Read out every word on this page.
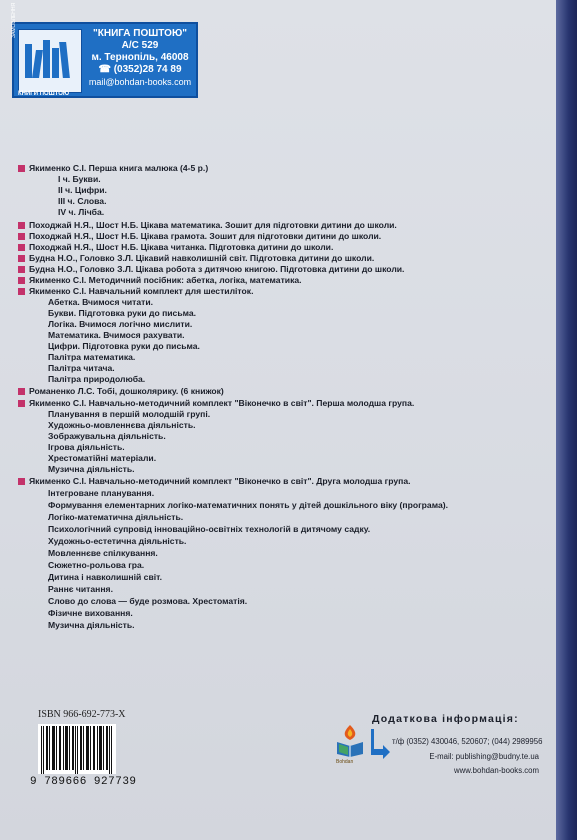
ЗАМОВЛЕННЯ
КНИГИ ПОШТОЮ
"КНИГА ПОШТОЮ"
А/С 529
м. Тернопіль, 46008
☎ (0352)28 74 89
mail@bohdan-books.com
Якименко С.І. Перша книга малюка (4-5 р.)
І ч. Букви.
ІІ ч. Цифри.
ІІІ ч. Слова.
IV ч. Лічба.
Походжай Н.Я., Шост Н.Б. Цікава математика. Зошит для підготовки дитини до школи.
Походжай Н.Я., Шост Н.Б. Цікава грамота. Зошит для підготовки дитини до школи.
Походжай Н.Я., Шост Н.Б. Цікава читанка. Підготовка дитини до школи.
Будна Н.О., Головко З.Л. Цікавий навколишній світ. Підготовка дитини до школи.
Будна Н.О., Головко З.Л. Цікава робота з дитячою книгою. Підготовка дитини до школи.
Якименко С.І. Методичний посібник: абетка, логіка, математика.
Якименко С.І. Навчальний комплект для шестиліток.
Абетка. Вчимося читати.
Букви. Підготовка руки до письма.
Логіка. Вчимося логічно мислити.
Математика. Вчимося рахувати.
Цифри. Підготовка руки до письма.
Палітра математика.
Палітра читача.
Палітра природолюба.
Романенко Л.С. Тобі, дошколярику. (6 книжок)
Якименко С.І. Навчально-методичний комплект "Віконечко в світ". Перша молодша група.
Планування в першій молодшій групі.
Художньо-мовленнєва діяльність.
Зображувальна діяльність.
Ігрова діяльність.
Хрестоматійні матеріали.
Музична діяльність.
Якименко С.І. Навчально-методичний комплект "Віконечко в світ". Друга молодша група.
Інтегроване планування.
Формування елементарних логіко-математичних понять у дітей дошкільного віку (програма).
Логіко-математична діяльність.
Психологічний супровід інноваційно-освітніх технологій в дитячому садку.
Художньо-естетична діяльність.
Мовленнєве спілкування.
Сюжетно-рольова гра.
Дитина і навколишній світ.
Раннє читання.
Слово до слова — буде розмова. Хрестоматія.
Фізичне виховання.
Музична діяльність.
ISBN 966-692-773-X
9 789666 927739
Bohdan
Додаткова інформація:
т/ф (0352) 430046, 520607; (044) 2989956
E-mail: publishing@budny.te.ua
www.bohdan-books.com
